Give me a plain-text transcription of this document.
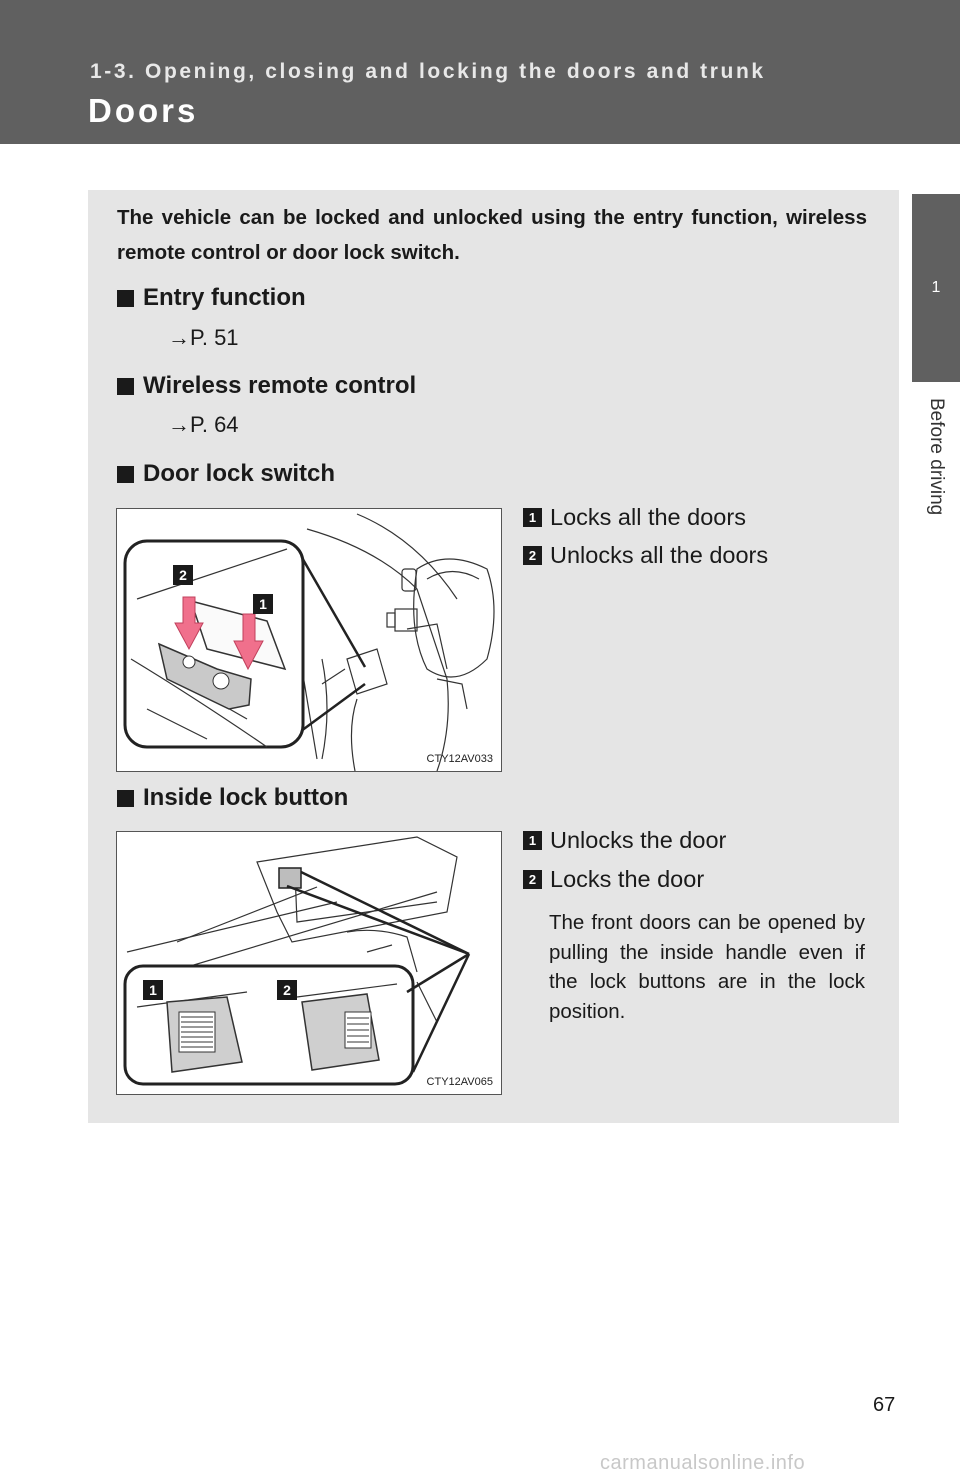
1-3. Opening, closing and locking the doors and trunk
Doors
1
Before driving

The vehicle can be locked and unlocked using the entry function, wireless remote control or door lock switch.

Entry function
→P. 51
Wireless remote control
→P. 64
Door lock switch
2
1
CTY12AV033
1 Locks all the doors
2 Unlocks all the doors
Inside lock button
1	2
CTY12AV065
1 Unlocks the door
2 Locks the door

The front doors can be opened by pulling the inside handle even if the lock buttons are in the lock position.

67
carmanualsonline.info
